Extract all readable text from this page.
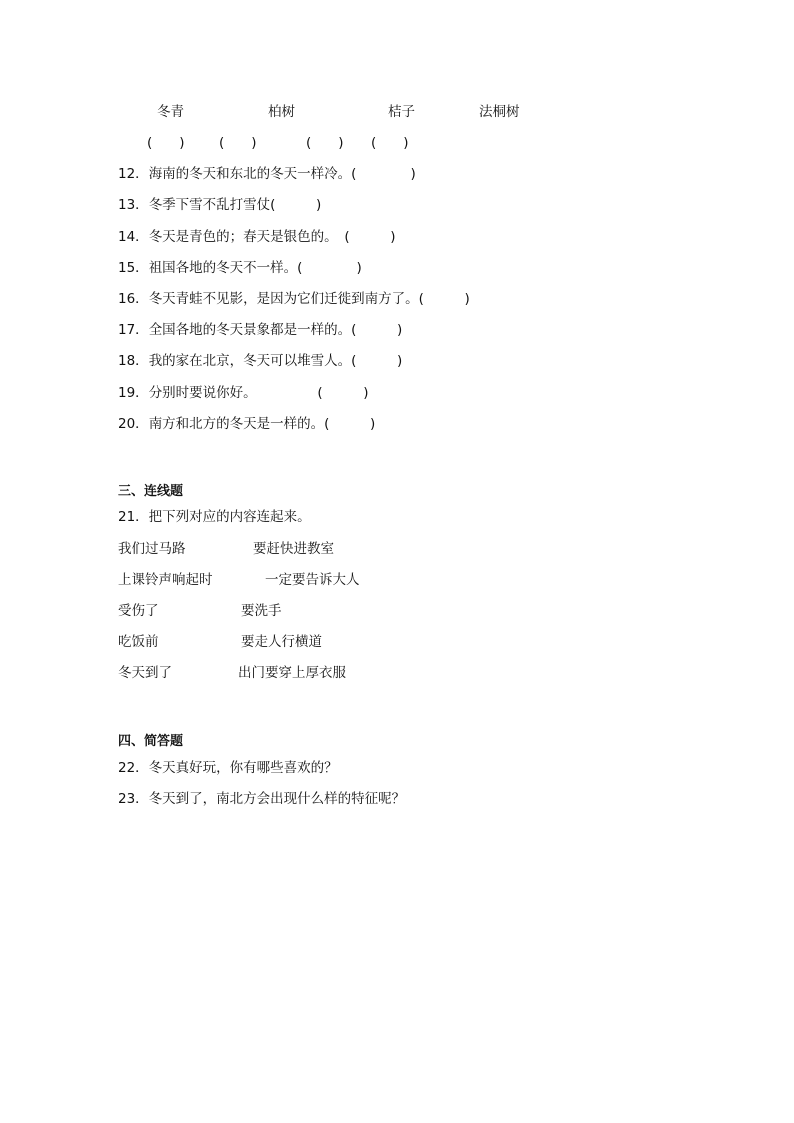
冬青	柏树	桔子	法桐树
(　　)	(　　)	(　　) (　　)
12．海南的冬天和东北的冬天一样冷。(　　　　)
13．冬季下雪不乱打雪仗(　　　)
14．冬天是青色的；春天是银色的。　(　　　)
15．祖国各地的冬天不一样。(　　　　)
16．冬天青蛙不见影，是因为它们迁徙到南方了。(　　　)
17．全国各地的冬天景象都是一样的。(　　　)
18．我的家在北京，冬天可以堆雪人。(　　　)
19．分别时要说你好。　　　　　(　　　)
20．南方和北方的冬天是一样的。(　　　)
三、连线题
21．把下列对应的内容连起来。
我们过马路	要赶快进教室
上课铃声响起时	一定要告诉大人
受伤了	要洗手
吃饭前	要走人行横道
冬天到了	出门要穿上厚衣服
四、简答题
22．冬天真好玩，你有哪些喜欢的？
23．冬天到了，南北方会出现什么样的特征呢？
